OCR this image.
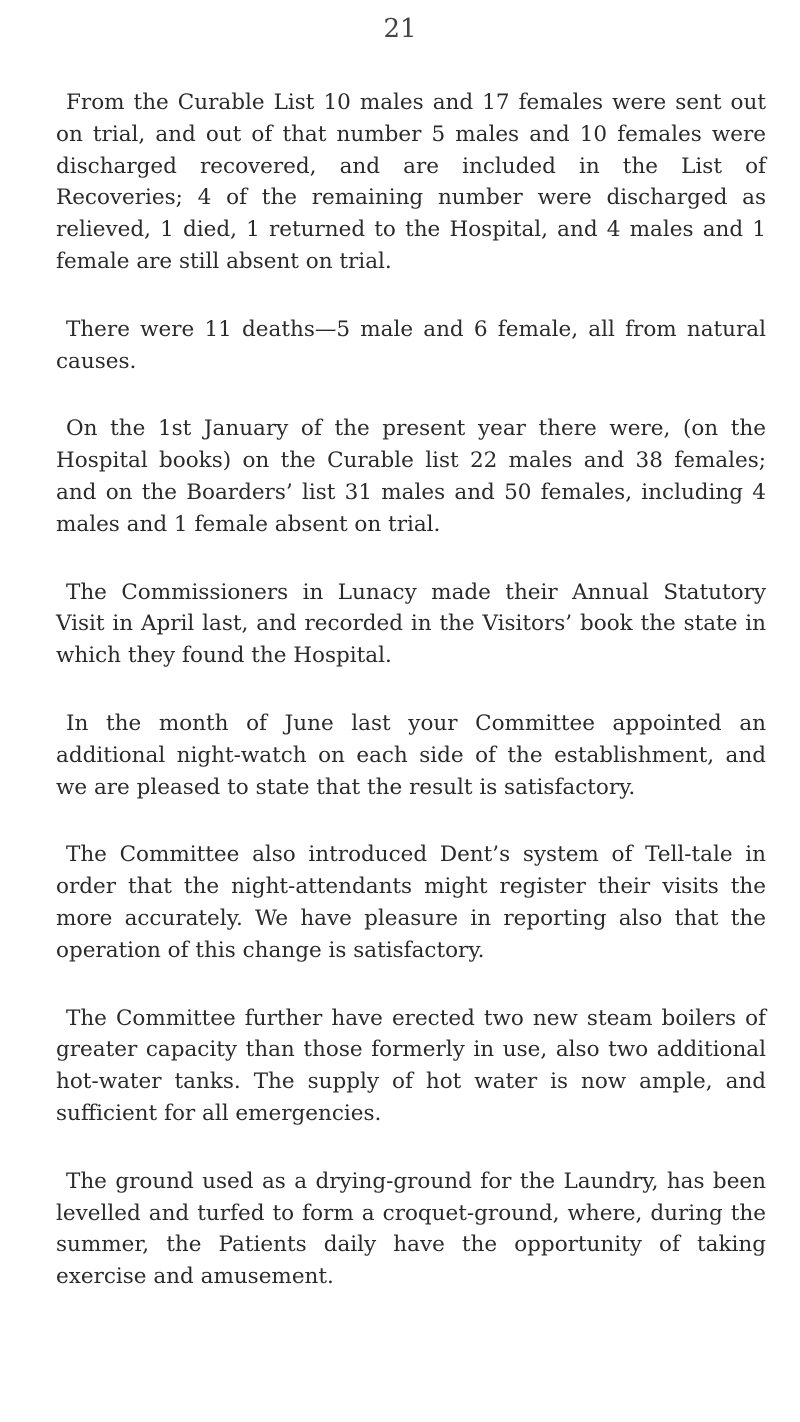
21

From the Curable List 10 males and 17 females were sent out on trial, and out of that number 5 males and 10 females were discharged recovered, and are included in the List of Recoveries; 4 of the remaining number were discharged as relieved, 1 died, 1 returned to the Hospital, and 4 males and 1 female are still absent on trial.

There were 11 deaths—5 male and 6 female, all from natural causes.

On the 1st January of the present year there were, (on the Hospital books) on the Curable list 22 males and 38 females; and on the Boarders’ list 31 males and 50 females, including 4 males and 1 female absent on trial.

The Commissioners in Lunacy made their Annual Statutory Visit in April last, and recorded in the Visitors’ book the state in which they found the Hospital.

In the month of June last your Committee appointed an additional night-watch on each side of the establishment, and we are pleased to state that the result is satisfactory.

The Committee also introduced Dent’s system of Tell-tale in order that the night-attendants might register their visits the more accurately. We have pleasure in reporting also that the operation of this change is satisfactory.

The Committee further have erected two new steam boilers of greater capacity than those formerly in use, also two additional hot-water tanks. The supply of hot water is now ample, and sufficient for all emergencies.

The ground used as a drying-ground for the Laundry, has been levelled and turfed to form a croquet-ground, where, during the summer, the Patients daily have the opportunity of taking exercise and amusement.
